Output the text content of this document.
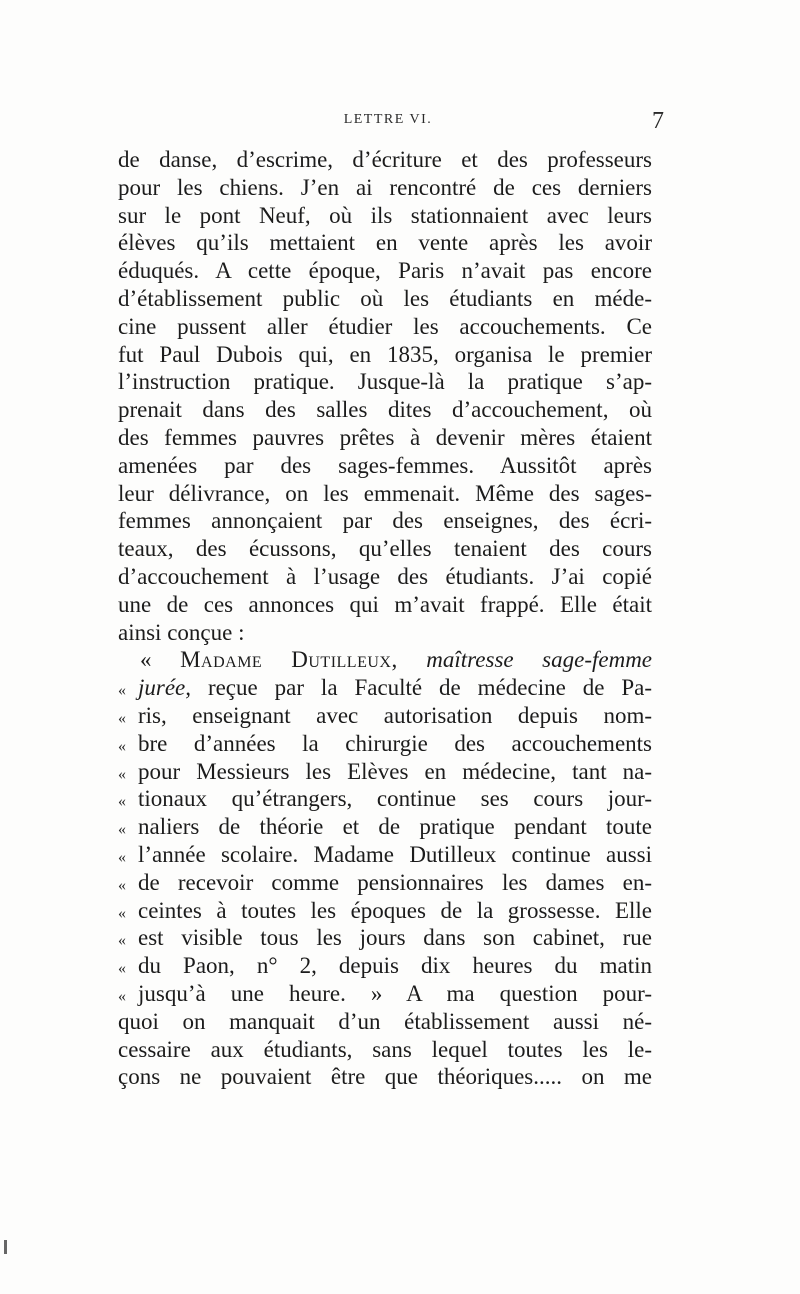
LETTRE VI.	7
de danse, d’escrime, d’écriture et des professeurs
pour les chiens. J’en ai rencontré de ces derniers
sur le pont Neuf, où ils stationnaient avec leurs
élèves qu’ils mettaient en vente après les avoir
éduqués. A cette époque, Paris n’avait pas encore
d’établissement public où les étudiants en méde-
cine pussent aller étudier les accouchements. Ce
fut Paul Dubois qui, en 1835, organisa le premier
l’instruction pratique. Jusque-là la pratique s’ap-
prenait dans des salles dites d’accouchement, où
des femmes pauvres prêtes à devenir mères étaient
amenées par des sages-femmes. Aussitôt après
leur délivrance, on les emmenait. Même des sages-
femmes annonçaient par des enseignes, des écri-
teaux, des écussons, qu’elles tenaient des cours
d’accouchement à l’usage des étudiants. J’ai copié
une de ces annonces qui m’avait frappé. Elle était
ainsi conçue :
« Madame Dutilleux, maîtresse sage-femme
« jurée, reçue par la Faculté de médecine de Pa-
« ris, enseignant avec autorisation depuis nom-
« bre d’années la chirurgie des accouchements
« pour Messieurs les Elèves en médecine, tant na-
« tionaux qu’étrangers, continue ses cours jour-
« naliers de théorie et de pratique pendant toute
« l’année scolaire. Madame Dutilleux continue aussi
« de recevoir comme pensionnaires les dames en-
« ceintes à toutes les époques de la grossesse. Elle
« est visible tous les jours dans son cabinet, rue
« du Paon, n° 2, depuis dix heures du matin
« jusqu’à une heure. » A ma question pour-
quoi on manquait d’un établissement aussi né-
cessaire aux étudiants, sans lequel toutes les le-
çons ne pouvaient être que théoriques..... on me
